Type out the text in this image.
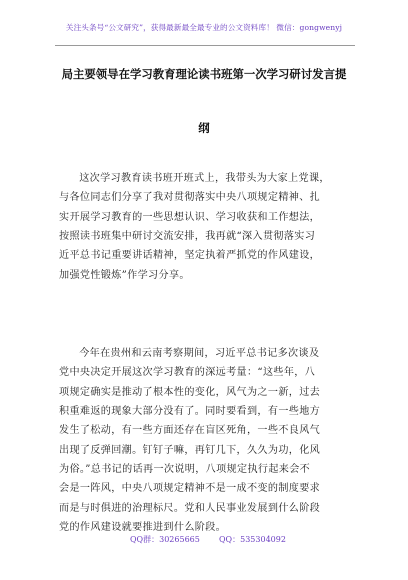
关注头条号“公文研究”，获得最新最全最专业的公文资料库！ 微信：gongwenyj
局主要领导在学习教育理论读书班第一次学习研讨发言提
纲
这次学习教育读书班开班式上，我带头为大家上党课，
与各位同志们分享了我对贯彻落实中央八项规定精神、扎
实开展学习教育的一些思想认识、学习收获和工作想法，
按照读书班集中研讨交流安排，我再就“深入贯彻落实习
近平总书记重要讲话精神，坚定执着严抓党的作风建设，
加强党性锻炼”作学习分享。
今年在贵州和云南考察期间，习近平总书记多次谈及
党中央决定开展这次学习教育的深远考量：“这些年，八
项规定确实是推动了根本性的变化，风气为之一新，过去
积重难返的现象大部分没有了。同时要看到，有一些地方
发生了松动，有一些方面还存在盲区死角，一些不良风气
出现了反弹回潮。钉钉子嘛，再钉几下，久久为功，化风
为俗。”总书记的话再一次说明，八项规定执行起来会不
会是一阵风，中央八项规定精神不是一成不变的制度要求
而是与时俱进的治理标尺。党和人民事业发展到什么阶段
党的作风建设就要推进到什么阶段。
QQ群：30265665 QQ：535304092
